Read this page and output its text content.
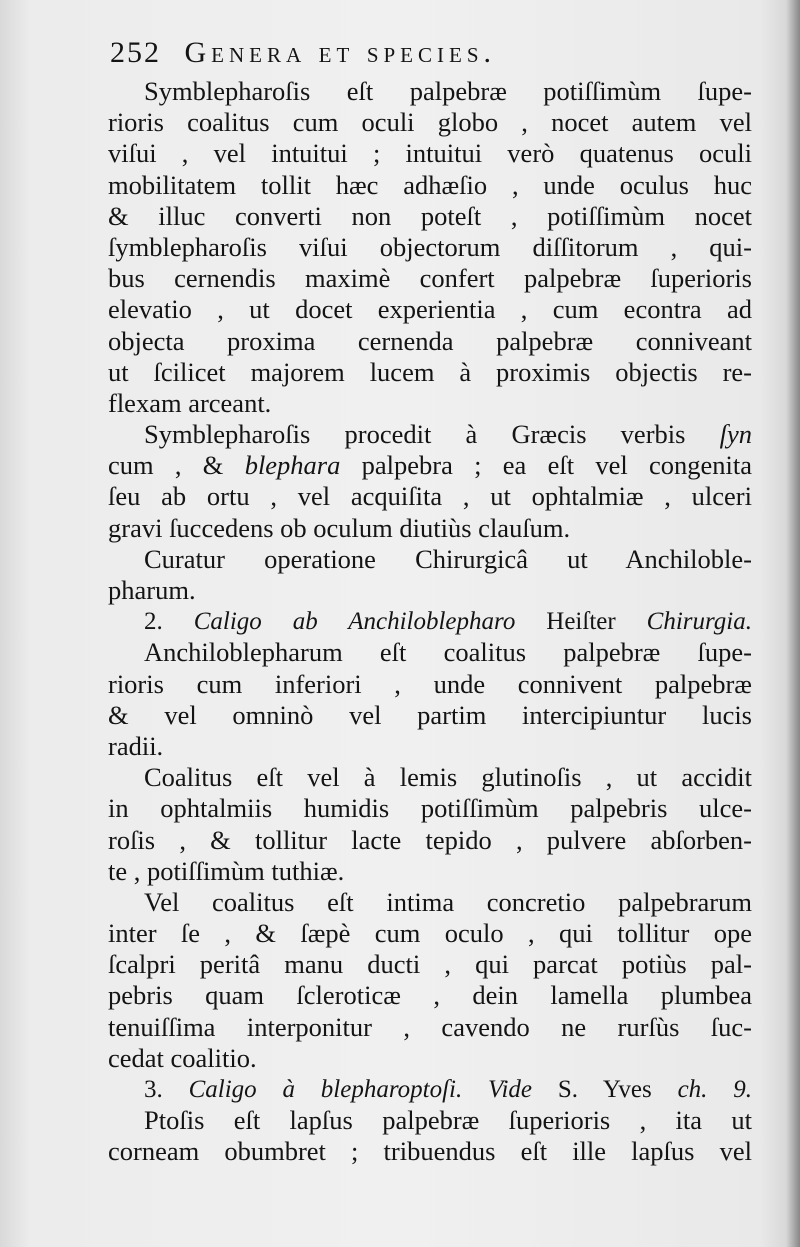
252 Genera et species.
Symblepharoſis eſt palpebræ potiſſimùm ſupe-
rioris coalitus cum oculi globo , nocet autem vel
viſui , vel intuitui ; intuitui verò quatenus oculi
mobilitatem tollit hæc adhæſio , unde oculus huc
& illuc converti non poteſt , potiſſimùm nocet
ſymblepharoſis viſui objectorum diſſitorum , qui-
bus cernendis maximè confert palpebræ ſuperioris
elevatio , ut docet experientia , cum econtra ad
objecta proxima cernenda palpebræ conniveant
ut ſcilicet majorem lucem à proximis objectis re-
flexam arceant.
Symblepharoſis procedit à Græcis verbis ſyn
cum , & blephara palpebra ; ea eſt vel congenita
ſeu ab ortu , vel acquiſita , ut ophtalmiæ , ulceri
gravi ſuccedens ob oculum diutiùs clauſum.
Curatur operatione Chirurgicâ ut Anchiloble-
pharum.
2. Caligo ab Anchiloblepharo Heiſter Chirurgia.
Anchiloblepharum eſt coalitus palpebræ ſupe-
rioris cum inferiori , unde connivent palpebræ
& vel omninò vel partim intercipiuntur lucis
radii.
Coalitus eſt vel à lemis glutinoſis , ut accidit
in ophtalmiis humidis potiſſimùm palpebris ulce-
roſis , & tollitur lacte tepido , pulvere abſorben-
te , potiſſimùm tuthiæ.
Vel coalitus eſt intima concretio palpebrarum
inter ſe , & ſæpè cum oculo , qui tollitur ope
ſcalpri peritâ manu ducti , qui parcat potiùs pal-
pebris quam ſcleroticæ , dein lamella plumbea
tenuiſſima interponitur , cavendo ne rurſùs ſuc-
cedat coalitio.
3. Caligo à blepharoptoſi. Vide S. Yves ch. 9.
Ptoſis eſt lapſus palpebræ ſuperioris , ita ut
corneam obumbret ; tribuendus eſt ille lapſus vel
